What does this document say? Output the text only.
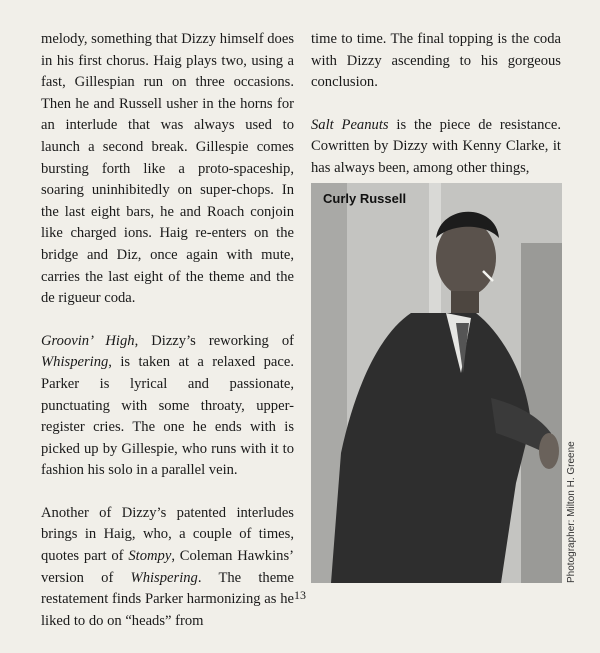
melody, something that Dizzy himself does in his first chorus. Haig plays two, using a fast, Gillespian run on three occasions. Then he and Russell usher in the horns for an interlude that was always used to launch a second break. Gillespie comes bursting forth like a proto-spaceship, soaring uninhibitedly on super-chops. In the last eight bars, he and Roach conjoin like charged ions. Haig re-enters on the bridge and Diz, once again with mute, carries the last eight of the theme and the de rigueur coda.

Groovin’ High, Dizzy’s reworking of Whispering, is taken at a relaxed pace. Parker is lyrical and passionate, punctuating with some throaty, upper-register cries. The one he ends with is picked up by Gillespie, who runs with it to fashion his solo in a parallel vein.

Another of Dizzy’s patented interludes brings in Haig, who, a couple of times, quotes part of Stompy, Coleman Hawkins’ version of Whispering. The theme restatement finds Parker harmonizing as he liked to do on “heads” from

time to time. The final topping is the coda with Dizzy ascending to his gorgeous conclusion.

Salt Peanuts is the piece de resistance. Cowritten by Dizzy with Kenny Clarke, it has always been, among other things,

Curly Russell
Photographer: Milton H. Greene
13
